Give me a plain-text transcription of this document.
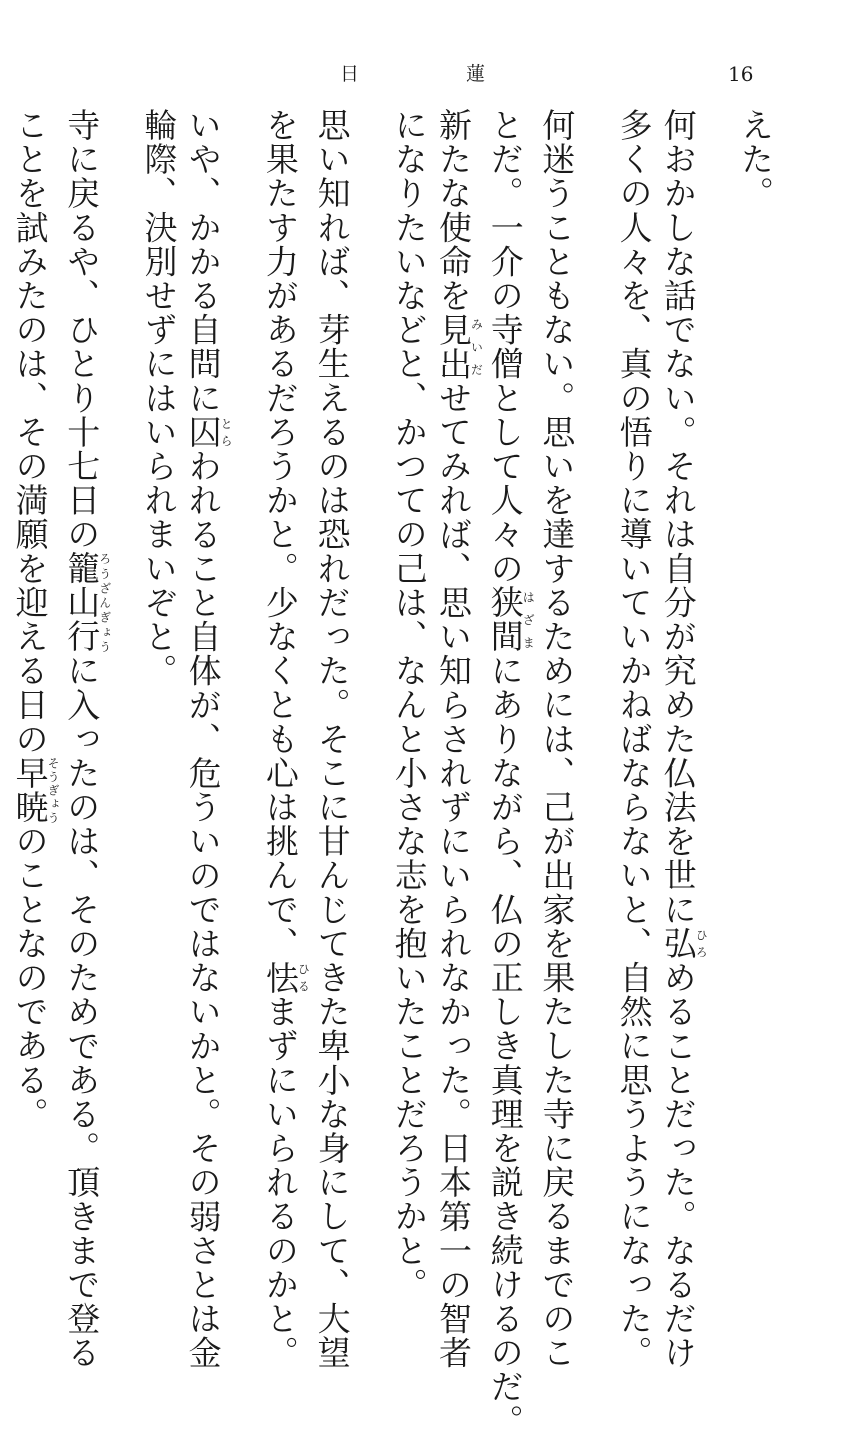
日	蓮	16
えた。
何おかしな話でない。それは自分が究めた仏法を世に弘ひろめることだった。なるだけ
多くの人々を、真の悟りに導いていかねばならないと、自然に思うようになった。
何迷うこともない。思いを達するためには、己が出家を果たした寺に戻るまでのこ
とだ。一介の寺僧として人々の狭間はざまにありながら、仏の正しき真理を説き続けるのだ。
新たな使命を見出みいだせてみれば、思い知らされずにいられなかった。日本第一の智者
になりたいなどと、かつての己は、なんと小さな志を抱いたことだろうかと。
思い知れば、芽生えるのは恐れだった。そこに甘んじてきた卑小な身にして、大望
を果たす力があるだろうかと。少なくとも心は挑んで、怯ひるまずにいられるのかと。
いや、かかる自問に囚とらわれること自体が、危ういのではないかと。その弱さとは金
輪際、決別せずにはいられまいぞと。
寺に戻るや、ひとり十七日の籠山行ろうざんぎょうに入ったのは、そのためである。頂きまで登る
ことを試みたのは、その満願を迎える日の早暁そうぎょうのことなのである。
